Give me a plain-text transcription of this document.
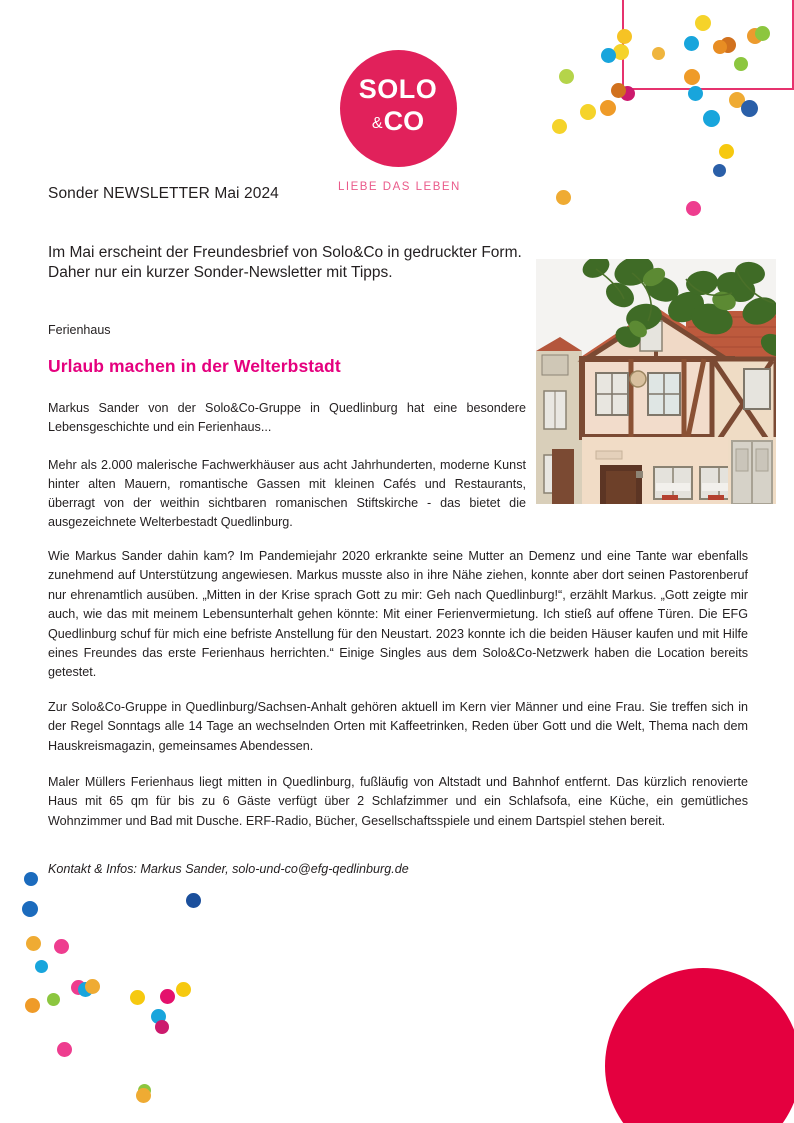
SOLO
&CO
LIEBE DAS LEBEN
Sonder NEWSLETTER Mai 2024
Im Mai erscheint der Freundesbrief von Solo&Co in gedruckter Form. Daher nur ein kurzer Sonder-Newsletter mit Tipps.
Ferienhaus
Urlaub machen in der Welterbstadt
Markus Sander von der Solo&Co-Gruppe in Quedlinburg hat eine besondere Lebensgeschichte und ein Ferienhaus...
Mehr als 2.000 malerische Fachwerkhäuser aus acht Jahrhunderten, moderne Kunst hinter alten Mauern, romantische Gassen mit kleinen Cafés und Restaurants, überragt von der weithin sichtbaren romanischen Stiftskirche - das bietet die ausgezeichnete Welterbestadt Quedlinburg.
Wie Markus Sander dahin kam? Im Pandemiejahr 2020 erkrankte seine Mutter an Demenz und eine Tante war ebenfalls zunehmend auf Unterstützung angewiesen. Markus musste also in ihre Nähe ziehen, konnte aber dort seinen Pastorenberuf nur ehrenamtlich ausüben. „Mitten in der Krise sprach Gott zu mir: Geh nach Quedlinburg!“, erzählt Markus. „Gott zeigte mir auch, wie das mit meinem Lebensunterhalt gehen könnte: Mit einer Ferienvermietung. Ich stieß auf offene Türen. Die EFG Quedlinburg schuf für mich eine befriste Anstellung für den Neustart. 2023 konnte ich die beiden Häuser kaufen und mit Hilfe eines Freundes das erste Ferienhaus herrichten.“ Einige Singles aus dem Solo&Co-Netzwerk haben die Location bereits getestet.
Zur Solo&Co-Gruppe in Quedlinburg/Sachsen-Anhalt gehören aktuell im Kern vier Männer und eine Frau. Sie treffen sich in der Regel Sonntags alle 14 Tage an wechselnden Orten mit Kaffeetrinken, Reden über Gott und die Welt, Thema nach dem Hauskreismagazin, gemeinsames Abendessen.
Maler Müllers Ferienhaus liegt mitten in Quedlinburg, fußläufig von Altstadt und Bahnhof entfernt. Das kürzlich renovierte Haus mit 65 qm für bis zu 6 Gäste verfügt über 2 Schlafzimmer und ein Schlafsofa, eine Küche, ein gemütliches Wohnzimmer und Bad mit Dusche. ERF-Radio, Bücher, Gesellschaftsspiele und einem Dartspiel stehen bereit.
Kontakt & Infos: Markus Sander, solo-und-co@efg-qedlinburg.de
